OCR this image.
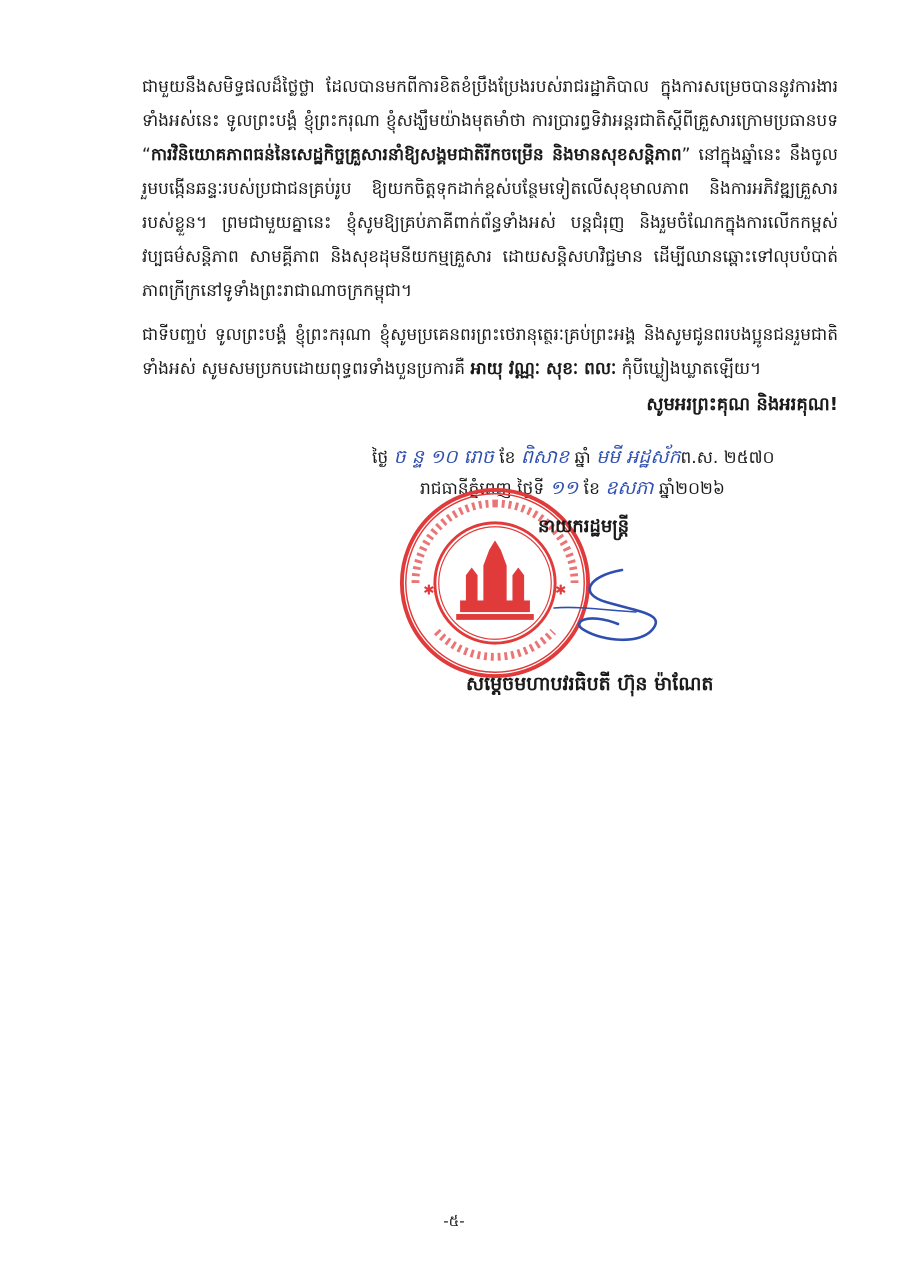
ជាមួយនឹងសមិទ្ធផលដ៏ថ្លៃថ្លា ដែលបានមកពីការខិតខំប្រឹងប្រែងរបស់រាជរដ្ឋាភិបាល ក្នុងការសម្រេចបាននូវការងារទាំងអស់នេះ ទូលព្រះបង្គំ ខ្ញុំព្រះករុណា ខ្ញុំសង្ឃឹមយ៉ាងមុតមាំថា ការប្រារព្ធទិវាអន្តរជាតិស្តីពីគ្រួសារក្រោមប្រធានបទ “ការវិនិយោគភាពធន់នៃសេដ្ឋកិច្ចគ្រួសារនាំឱ្យសង្គមជាតិរីកចម្រើន និងមានសុខសន្តិភាព” នៅក្នុងឆ្នាំនេះ នឹងចូលរួមបង្កើនឆន្ទៈរបស់ប្រជាជនគ្រប់រូប ឱ្យយកចិត្តទុកដាក់ខ្ពស់បន្ថែមទៀតលើសុខុមាលភាព និងការអភិវឌ្ឍគ្រួសាររបស់ខ្លួន។ ព្រមជាមួយគ្នានេះ ខ្ញុំសូមឱ្យគ្រប់ភាគីពាក់ព័ន្ធទាំងអស់ បន្តជំរុញ និងរួមចំណែកក្នុងការលើកកម្ពស់វប្បធម៌សន្តិភាព សាមគ្គីភាព និងសុខដុមនីយកម្មគ្រួសារ ដោយសន្តិសហវិជ្ជមាន ដើម្បីឈានឆ្ពោះទៅលុបបំបាត់ភាពក្រីក្រនៅទូទាំងព្រះរាជាណាចក្រកម្ពុជា។

ជាទីបញ្ចប់ ទូលព្រះបង្គំ ខ្ញុំព្រះករុណា ខ្ញុំសូមប្រគេនពរព្រះថេរានុត្ថេរៈគ្រប់ព្រះអង្គ និងសូមជូនពរបងប្អូនជនរួមជាតិទាំងអស់ សូមសមប្រកបដោយពុទ្ធពរទាំងបួនប្រការគឺ អាយុ វណ្ណៈ សុខៈ ពលៈ កុំបីឃ្លៀងឃ្លាតឡើយ។

សូមអរព្រះគុណ និងអរគុណ!
ថ្ងៃ ច ន្ទ ១០ រោច ខែ ពិសាខ ឆ្នាំ មមី អដ្ឋស័កព.ស. ២៥៧០
រាជធានីភ្នំពេញ ថ្ងៃទី ១១ ខែ ឧសភា ឆ្នាំ២០២៦
✱	✱
នាយករដ្ឋមន្ត្រី
សម្តេចមហាបវរធិបតី ហ៊ុន ម៉ាណែត
-៥-
